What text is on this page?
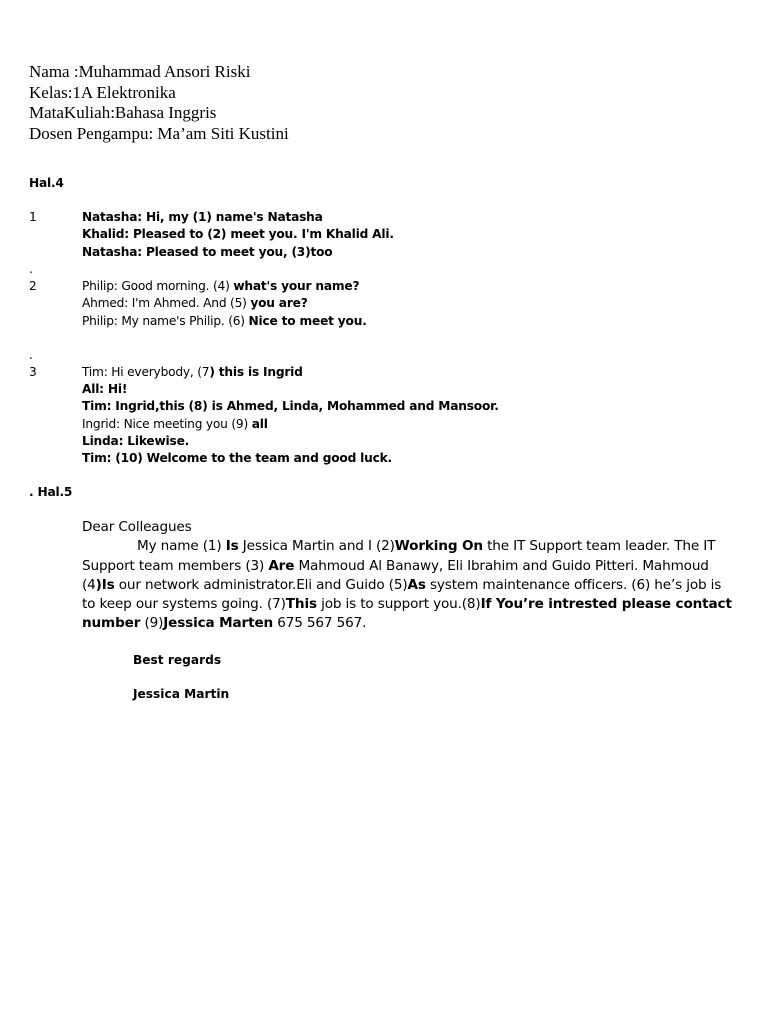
Nama :Muhammad Ansori Riski
Kelas:1A Elektronika
MataKuliah:Bahasa Inggris
Dosen Pengampu: Ma’am Siti Kustini
Hal.4
1	Natasha: Hi, my (1) name's Natasha
Khalid: Pleased to (2) meet you. I'm Khalid Ali.
Natasha: Pleased to meet you, (3)too
.
2	Philip: Good morning. (4) what's your name?
Ahmed: I'm Ahmed. And (5) you are?
Philip: My name's Philip. (6) Nice to meet you.
.
3	Tim: Hi everybody, (7) this is Ingrid
All: Hi!
Tim: Ingrid,this (8) is Ahmed, Linda, Mohammed and Mansoor.
Ingrid: Nice meeting you (9) all
Linda: Likewise.
Tim: (10) Welcome to the team and good luck.
. Hal.5

Dear Colleagues

My name (1) Is Jessica Martin and I (2)Working On the IT Support team leader. The IT Support team members (3) Are Mahmoud Al Banawy, Eli Ibrahim and Guido Pitteri. Mahmoud (4)Is our network administrator.Eli and Guido (5)As system maintenance officers. (6) he’s job is to keep our systems going. (7)This job is to support you.(8)If You’re intrested please contact number (9)Jessica Marten 675 567 567.

Best regards
Jessica Martin
